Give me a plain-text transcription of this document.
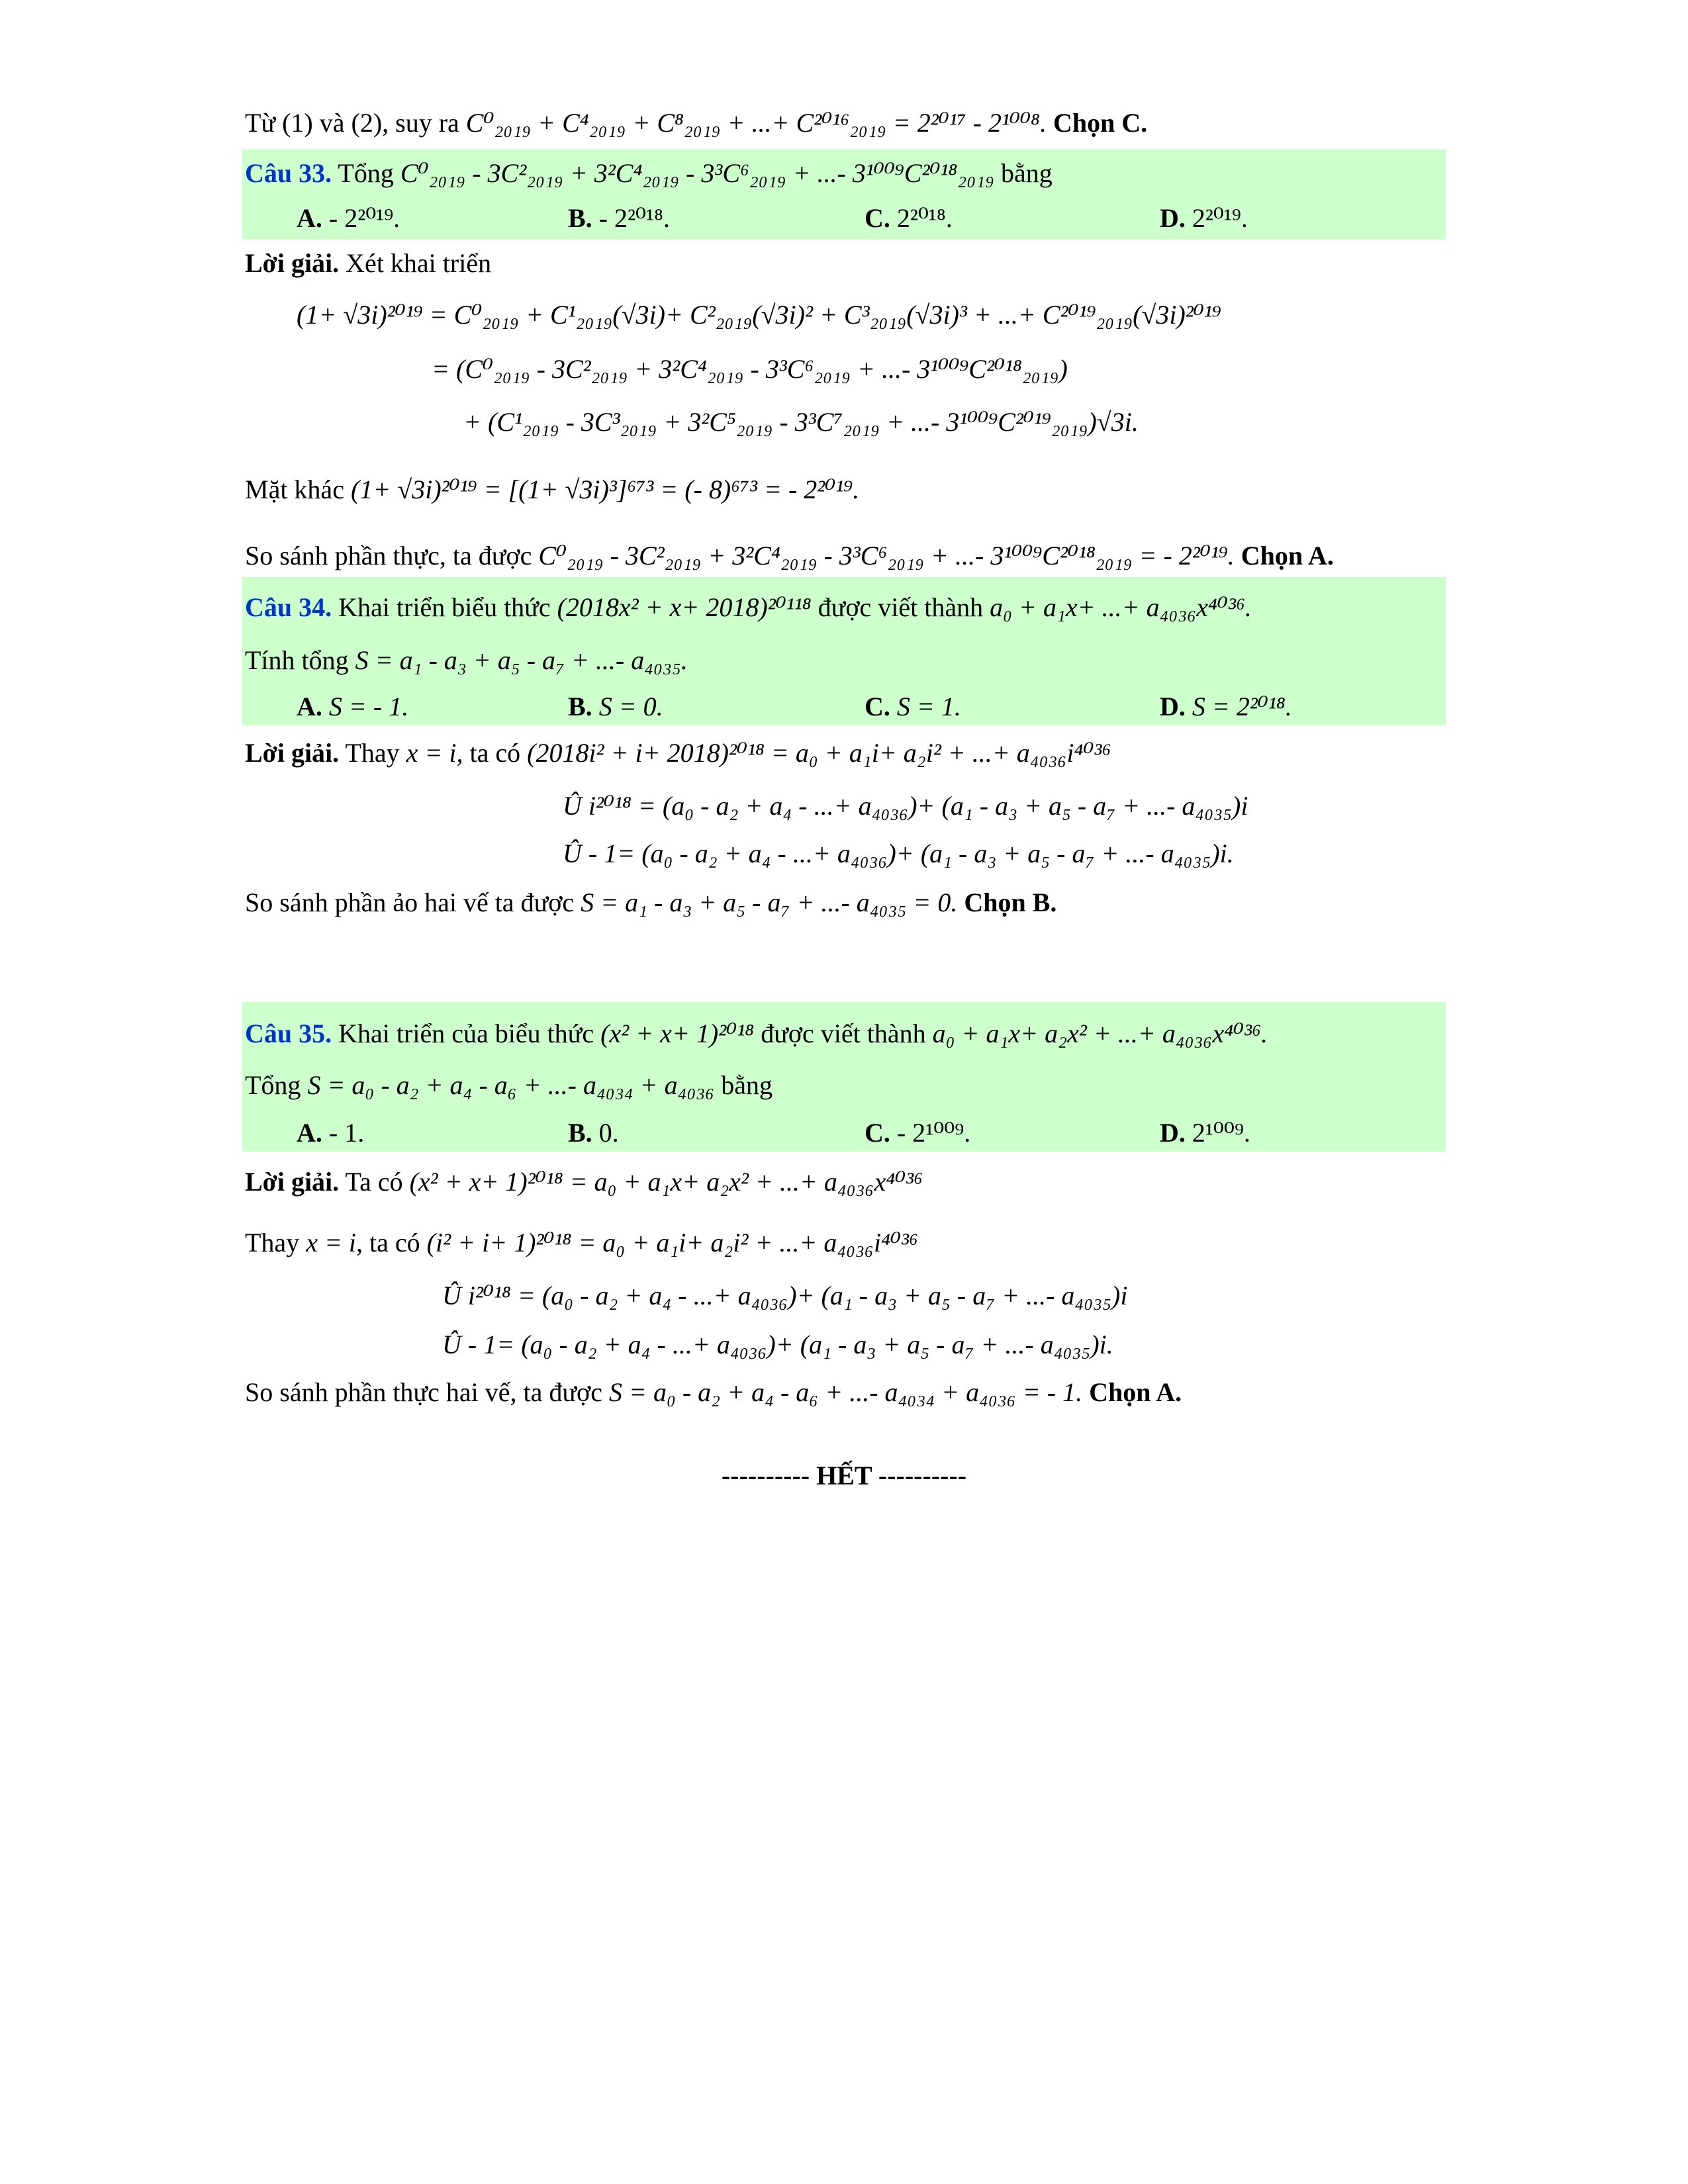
Từ (1) và (2), suy ra C⁰₂₀₁₉ + C⁴₂₀₁₉ + C⁸₂₀₁₉ + ...+ C²⁰¹⁶₂₀₁₉ = 2²⁰¹⁷ - 2¹⁰⁰⁸. Chọn C.
Câu 33. Tổng C⁰₂₀₁₉ - 3C²₂₀₁₉ + 3²C⁴₂₀₁₉ - 3³C⁶₂₀₁₉ + ...- 3¹⁰⁰⁹C²⁰¹⁸₂₀₁₉ bằng
A. - 2²⁰¹⁹.	B. - 2²⁰¹⁸.	C. 2²⁰¹⁸.	D. 2²⁰¹⁹.
Lời giải. Xét khai triển
(1+ √3i)²⁰¹⁹ = C⁰₂₀₁₉ + C¹₂₀₁₉(√3i)+ C²₂₀₁₉(√3i)² + C³₂₀₁₉(√3i)³ + ...+ C²⁰¹⁹₂₀₁₉(√3i)²⁰¹⁹
= (C⁰₂₀₁₉ - 3C²₂₀₁₉ + 3²C⁴₂₀₁₉ - 3³C⁶₂₀₁₉ + ...- 3¹⁰⁰⁹C²⁰¹⁸₂₀₁₉)
+ (C¹₂₀₁₉ - 3C³₂₀₁₉ + 3²C⁵₂₀₁₉ - 3³C⁷₂₀₁₉ + ...- 3¹⁰⁰⁹C²⁰¹⁹₂₀₁₉)√3i.
Mặt khác (1+ √3i)²⁰¹⁹ = [(1+ √3i)³]⁶⁷³ = (- 8)⁶⁷³ = - 2²⁰¹⁹.
So sánh phần thực, ta được C⁰₂₀₁₉ - 3C²₂₀₁₉ + 3²C⁴₂₀₁₉ - 3³C⁶₂₀₁₉ + ...- 3¹⁰⁰⁹C²⁰¹⁸₂₀₁₉ = - 2²⁰¹⁹. Chọn A.
Câu 34. Khai triển biểu thức (2018x² + x+ 2018)²⁰¹¹⁸ được viết thành a₀ + a₁x+ ...+ a₄₀₃₆x⁴⁰³⁶.
Tính tổng S = a₁ - a₃ + a₅ - a₇ + ...- a₄₀₃₅.
A. S = - 1.	B. S = 0.	C. S = 1.	D. S = 2²⁰¹⁸.
Lời giải. Thay x = i, ta có (2018i² + i+ 2018)²⁰¹⁸ = a₀ + a₁i+ a₂i² + ...+ a₄₀₃₆i⁴⁰³⁶
Û i²⁰¹⁸ = (a₀ - a₂ + a₄ - ...+ a₄₀₃₆)+ (a₁ - a₃ + a₅ - a₇ + ...- a₄₀₃₅)i
Û - 1= (a₀ - a₂ + a₄ - ...+ a₄₀₃₆)+ (a₁ - a₃ + a₅ - a₇ + ...- a₄₀₃₅)i.
So sánh phần ảo hai vế ta được S = a₁ - a₃ + a₅ - a₇ + ...- a₄₀₃₅ = 0. Chọn B.
Câu 35. Khai triển của biểu thức (x² + x+ 1)²⁰¹⁸ được viết thành a₀ + a₁x+ a₂x² + ...+ a₄₀₃₆x⁴⁰³⁶.
Tổng S = a₀ - a₂ + a₄ - a₆ + ...- a₄₀₃₄ + a₄₀₃₆ bằng
A. - 1.	B. 0.	C. - 2¹⁰⁰⁹.	D. 2¹⁰⁰⁹.
Lời giải. Ta có (x² + x+ 1)²⁰¹⁸ = a₀ + a₁x+ a₂x² + ...+ a₄₀₃₆x⁴⁰³⁶
Thay x = i, ta có (i² + i+ 1)²⁰¹⁸ = a₀ + a₁i+ a₂i² + ...+ a₄₀₃₆i⁴⁰³⁶
Û i²⁰¹⁸ = (a₀ - a₂ + a₄ - ...+ a₄₀₃₆)+ (a₁ - a₃ + a₅ - a₇ + ...- a₄₀₃₅)i
Û - 1= (a₀ - a₂ + a₄ - ...+ a₄₀₃₆)+ (a₁ - a₃ + a₅ - a₇ + ...- a₄₀₃₅)i.
So sánh phần thực hai vế, ta được S = a₀ - a₂ + a₄ - a₆ + ...- a₄₀₃₄ + a₄₀₃₆ = - 1. Chọn A.
---------- HẾT ----------
